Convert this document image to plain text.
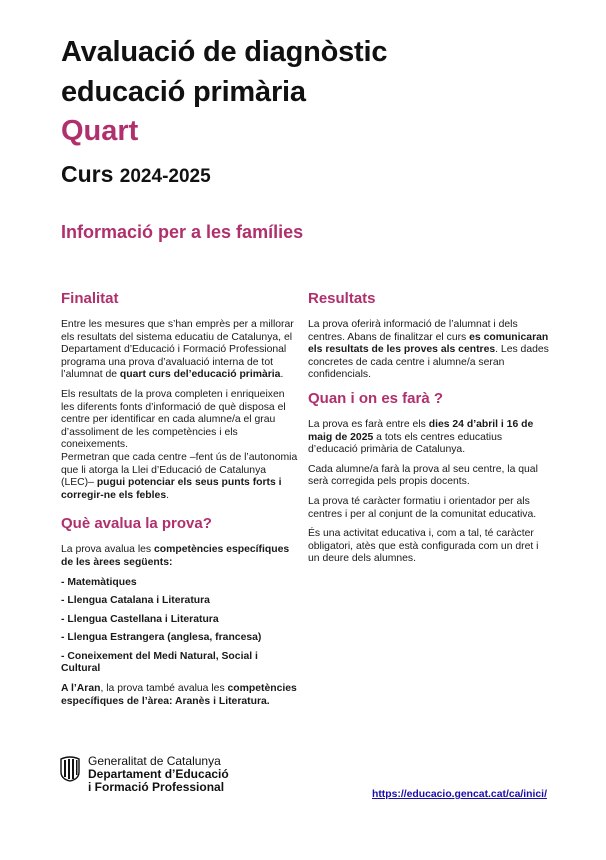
Avaluació de diagnòstic
educació primària
Quart
Curs 2024-2025
Informació per a les famílies
Finalitat

Entre les mesures que s’han emprès per a millorar els resultats del sistema educatiu de Catalunya, el Departament d’Educació i Formació Professional programa una prova d’avaluació interna de tot l’alumnat de quart curs del’educació primària.

Els resultats de la prova completen i enriqueixen les diferents fonts d’informació de què disposa el centre per identificar en cada alumne/a el grau d’assoliment de les competències i els coneixements.

Permetran que cada centre –fent ús de l’autonomia que li atorga la Llei d’Educació de Catalunya (LEC)– pugui potenciar els seus punts forts i corregir-ne els febles.

Què avalua la prova?

La prova avalua les competències específiques de les àrees següents:

- Matemàtiques
- Llengua Catalana i Literatura
- Llengua Castellana i Literatura
- Llengua Estrangera (anglesa, francesa)
- Coneixement del Medi Natural, Social i Cultural

A l’Aran, la prova també avalua les competències específiques de l’àrea: Aranès i Literatura.

Resultats

La prova oferirà informació de l’alumnat i dels centres. Abans de finalitzar el curs es comunicaran els resultats de les proves als centres. Les dades concretes de cada centre i alumne/a seran confidencials.

Quan i on es farà ?

La prova es farà entre els dies 24 d’abril i 16 de maig de 2025 a tots els centres educatius d’educació primària de Catalunya.

Cada alumne/a farà la prova al seu centre, la qual serà corregida pels propis docents.

La prova té caràcter formatiu i orientador per als centres i per al conjunt de la comunitat educativa.

És una activitat educativa i, com a tal, té caràcter obligatori, atès que està configurada com un dret i un deure dels alumnes.

Generalitat de Catalunya
Departament d’Educació
i Formació Professional
https://educacio.gencat.cat/ca/inici/
